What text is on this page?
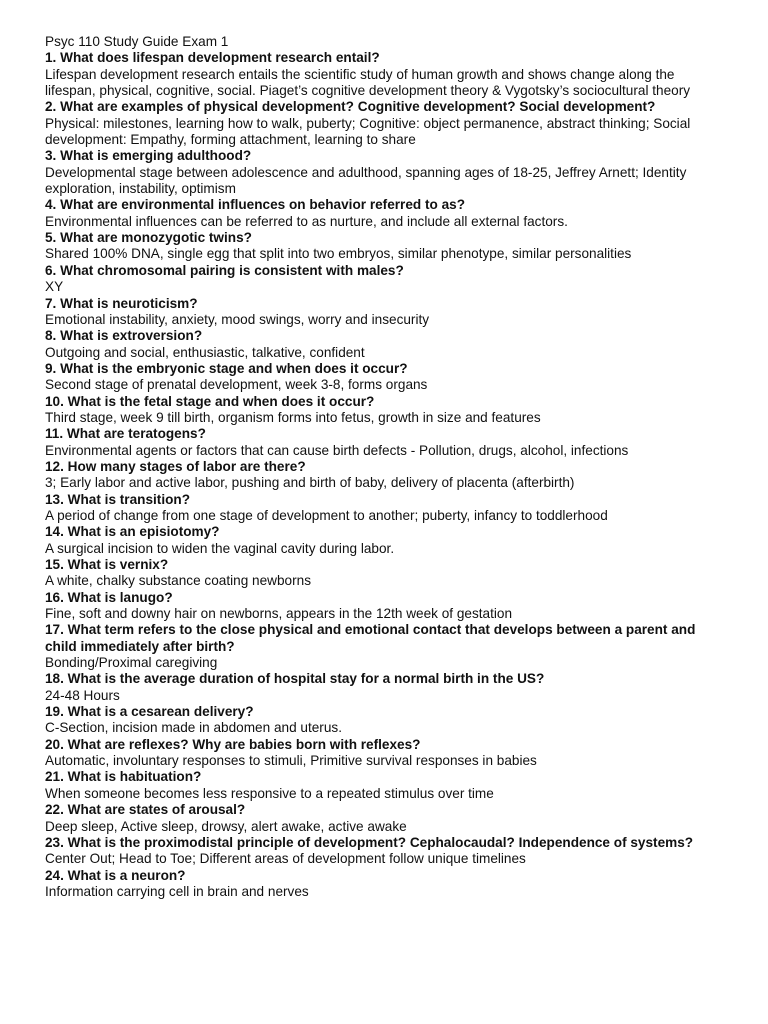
Psyc 110 Study Guide Exam 1
1. What does lifespan development research entail?
Lifespan development research entails the scientific study of human growth and shows change along the lifespan, physical, cognitive, social. Piaget’s cognitive development theory & Vygotsky’s sociocultural theory
2. What are examples of physical development? Cognitive development? Social development?
Physical: milestones, learning how to walk, puberty; Cognitive: object permanence, abstract thinking; Social development: Empathy, forming attachment, learning to share
3. What is emerging adulthood?
Developmental stage between adolescence and adulthood, spanning ages of 18-25, Jeffrey Arnett; Identity exploration, instability, optimism
4. What are environmental influences on behavior referred to as?
Environmental influences can be referred to as nurture, and include all external factors.
5. What are monozygotic twins?
Shared 100% DNA, single egg that split into two embryos, similar phenotype, similar personalities
6. What chromosomal pairing is consistent with males?
XY
7. What is neuroticism?
Emotional instability, anxiety, mood swings, worry and insecurity
8. What is extroversion?
Outgoing and social, enthusiastic, talkative, confident
9. What is the embryonic stage and when does it occur?
Second stage of prenatal development, week 3-8, forms organs
10. What is the fetal stage and when does it occur?
Third stage, week 9 till birth, organism forms into fetus, growth in size and features
11. What are teratogens?
Environmental agents or factors that can cause birth defects - Pollution, drugs, alcohol, infections
12. How many stages of labor are there?
3; Early labor and active labor, pushing and birth of baby, delivery of placenta (afterbirth)
13. What is transition?
A period of change from one stage of development to another; puberty, infancy to toddlerhood
14. What is an episiotomy?
A surgical incision to widen the vaginal cavity during labor.
15. What is vernix?
A white, chalky substance coating newborns
16. What is lanugo?
Fine, soft and downy hair on newborns, appears in the 12th week of gestation
17. What term refers to the close physical and emotional contact that develops between a parent and child immediately after birth?
Bonding/Proximal caregiving
18. What is the average duration of hospital stay for a normal birth in the US?
24-48 Hours
19. What is a cesarean delivery?
C-Section, incision made in abdomen and uterus.
20. What are reflexes? Why are babies born with reflexes?
Automatic, involuntary responses to stimuli, Primitive survival responses in babies
21. What is habituation?
When someone becomes less responsive to a repeated stimulus over time
22. What are states of arousal?
Deep sleep, Active sleep, drowsy, alert awake, active awake
23. What is the proximodistal principle of development? Cephalocaudal? Independence of systems?
Center Out; Head to Toe; Different areas of development follow unique timelines
24. What is a neuron?
Information carrying cell in brain and nerves
